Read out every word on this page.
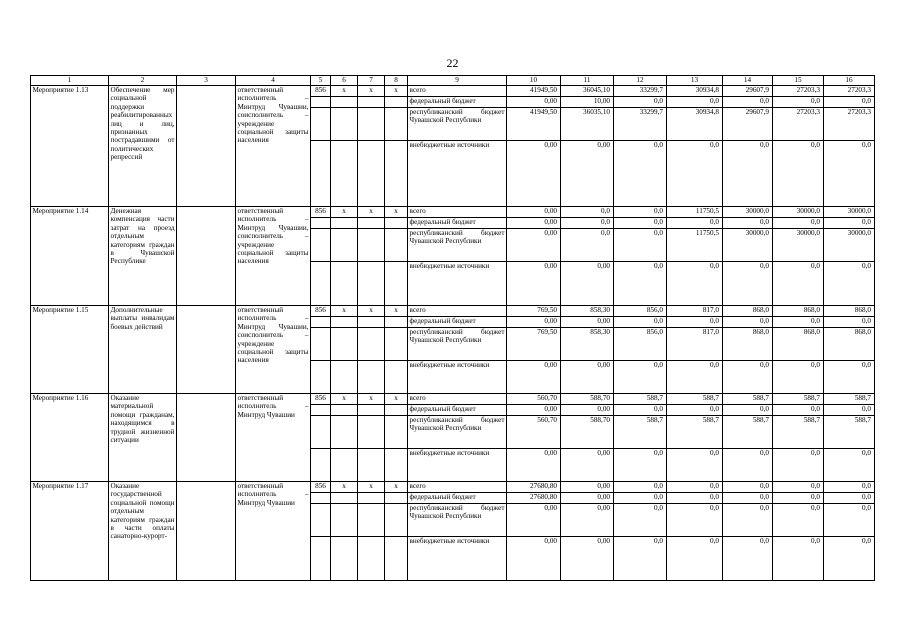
22
1	2	3	4	5	6	7	8	9	10	11	12	13	14	15	16
Мероприятие 1.13	Обеспечение мер социальной поддержки реабилитированных лиц и лиц, признанных пострадавшими от политических репрессий		ответственный исполнитель – Минтруд Чувашии, соисполнитель – учреждение социальной защиты населения	856	х	х	х	всего	41949,50	36045,10	33299,7	30934,8	29607,9	27203,3	27203,3
								федеральный бюджет	0,00	10,00	0,0	0,0	0,0	0,0	0,0
								республиканский бюджет Чувашской Республики	41949,50	36035,10	33299,7	30934,8	29607,9	27203,3	27203,3
								внебюджетные источники	0,00	0,00	0,0	0,0	0,0	0,0	0,0
Мероприятие 1.14	Денежная компенсация части затрат на проезд отдельным категориям граждан в Чувашской Республике		ответственный исполнитель – Минтруд Чувашии, соисполнитель – учреждение социальной защиты населения	856	х	х	х	всего	0,00	0,0	0,0	11750,5	30000,0	30000,0	30000,0
								федеральный бюджет	0,00	0,0	0,0	0,0	0,0	0,0	0,0
								республиканский бюджет Чувашской Республики	0,00	0,0	0,0	11750,5	30000,0	30000,0	30000,0
								внебюджетные источники	0,00	0,00	0,0	0,0	0,0	0,0	0,0
Мероприятие 1.15	Дополнительные выплаты инвалидам боевых действий		ответственный исполнитель – Минтруд Чувашии, соисполнитель – учреждение социальной защиты населения	856	х	х	х	всего	769,50	858,30	856,0	817,0	868,0	868,0	868,0
								федеральный бюджет	0,00	0,00	0,0	0,0	0,0	0,0	0,0
								республиканский бюджет Чувашской Республики	769,50	858,30	856,0	817,0	868,0	868,0	868,0
								внебюджетные источники	0,00	0,00	0,0	0,0	0,0	0,0	0,0
Мероприятие 1.16	Оказание материальной помощи гражданам, находящимся в трудной жизненной ситуации		ответственный исполнитель – Минтруд Чувашии	856	х	х	х	всего	560,70	588,70	588,7	588,7	588,7	588,7	588,7
								федеральный бюджет	0,00	0,00	0,0	0,0	0,0	0,0	0,0
								республиканский бюджет Чувашской Республики	560,70	588,70	588,7	588,7	588,7	588,7	588,7
								внебюджетные источники	0,00	0,00	0,0	0,0	0,0	0,0	0,0
Мероприятие 1.17	Оказание государственной социальной помощи отдельным категориям граждан в части оплаты санаторно-курорт-		ответственный исполнитель – Минтруд Чувашии	856	х	х	х	всего	27680,80	0,00	0,0	0,0	0,0	0,0	0,0
								федеральный бюджет	27680,80	0,00	0,0	0,0	0,0	0,0	0,0
								республиканский бюджет Чувашской Республики	0,00	0,00	0,0	0,0	0,0	0,0	0,0
								внебюджетные источники	0,00	0,00	0,0	0,0	0,0	0,0	0,0
